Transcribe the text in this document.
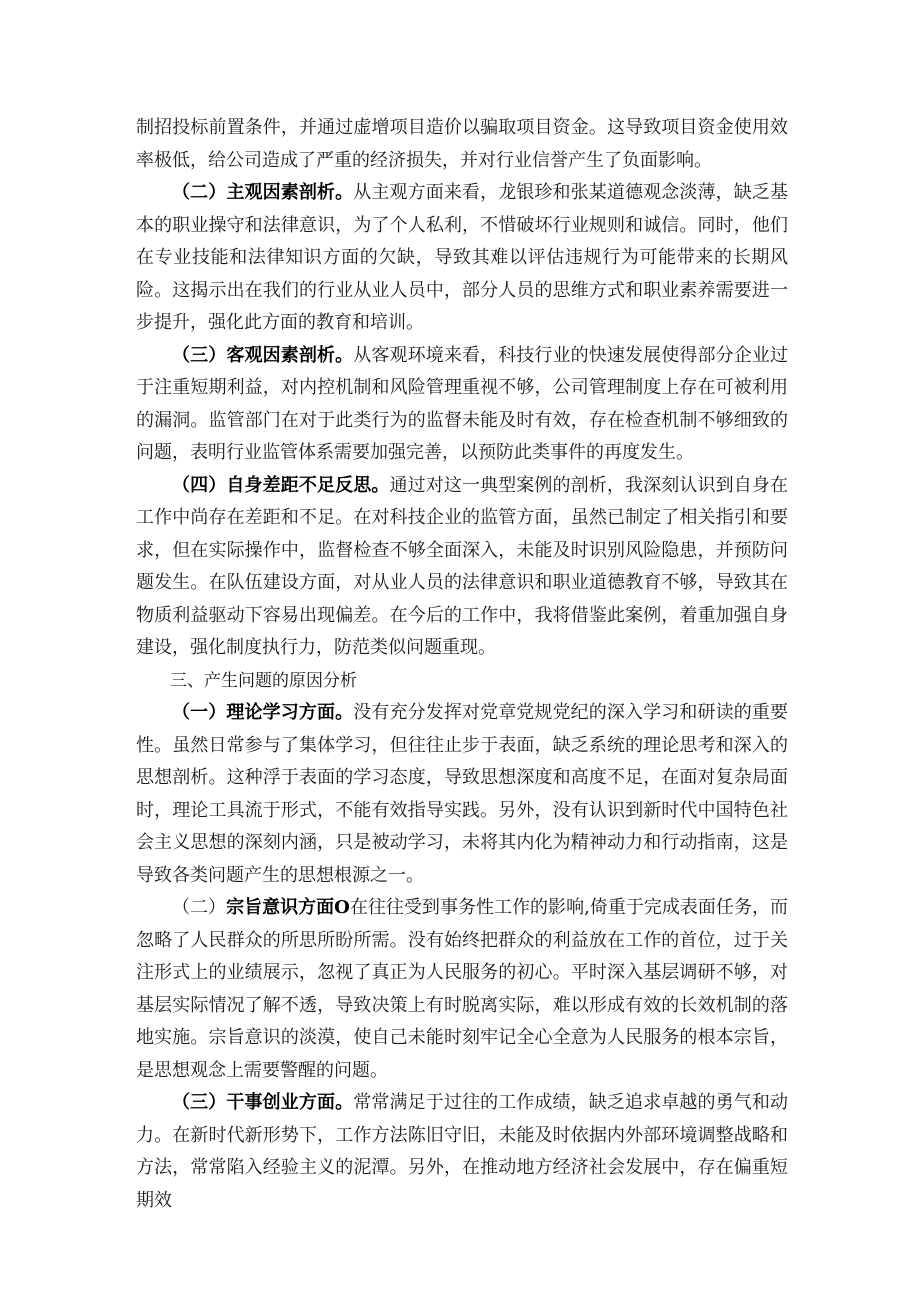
制招投标前置条件，并通过虚增项目造价以骗取项目资金。这导致项目资金使用效率极低，给公司造成了严重的经济损失，并对行业信誉产生了负面影响。

（二）主观因素剖析。从主观方面来看，龙银珍和张某道德观念淡薄，缺乏基本的职业操守和法律意识，为了个人私利，不惜破坏行业规则和诚信。同时，他们在专业技能和法律知识方面的欠缺，导致其难以评估违规行为可能带来的长期风险。这揭示出在我们的行业从业人员中，部分人员的思维方式和职业素养需要进一步提升，强化此方面的教育和培训。

（三）客观因素剖析。从客观环境来看，科技行业的快速发展使得部分企业过于注重短期利益，对内控机制和风险管理重视不够，公司管理制度上存在可被利用的漏洞。监管部门在对于此类行为的监督未能及时有效，存在检查机制不够细致的问题，表明行业监管体系需要加强完善，以预防此类事件的再度发生。

（四）自身差距不足反思。通过对这一典型案例的剖析，我深刻认识到自身在工作中尚存在差距和不足。在对科技企业的监管方面，虽然已制定了相关指引和要求，但在实际操作中，监督检查不够全面深入，未能及时识别风险隐患，并预防问题发生。在队伍建设方面，对从业人员的法律意识和职业道德教育不够，导致其在物质利益驱动下容易出现偏差。在今后的工作中，我将借鉴此案例，着重加强自身建设，强化制度执行力，防范类似问题重现。

三、产生问题的原因分析

（一）理论学习方面。没有充分发挥对党章党规党纪的深入学习和研读的重要性。虽然日常参与了集体学习，但往往止步于表面，缺乏系统的理论思考和深入的思想剖析。这种浮于表面的学习态度，导致思想深度和高度不足，在面对复杂局面时，理论工具流于形式，不能有效指导实践。另外，没有认识到新时代中国特色社会主义思想的深刻内涵，只是被动学习，未将其内化为精神动力和行动指南，这是导致各类问题产生的思想根源之一。

（二）宗旨意识方面O在往往受到事务性工作的影响,倚重于完成表面任务，而忽略了人民群众的所思所盼所需。没有始终把群众的利益放在工作的首位，过于关注形式上的业绩展示，忽视了真正为人民服务的初心。平时深入基层调研不够，对基层实际情况了解不透，导致决策上有时脱离实际，难以形成有效的长效机制的落地实施。宗旨意识的淡漠，使自己未能时刻牢记全心全意为人民服务的根本宗旨，是思想观念上需要警醒的问题。

（三）干事创业方面。常常满足于过往的工作成绩，缺乏追求卓越的勇气和动力。在新时代新形势下，工作方法陈旧守旧，未能及时依据内外部环境调整战略和方法，常常陷入经验主义的泥潭。另外，在推动地方经济社会发展中，存在偏重短期效
